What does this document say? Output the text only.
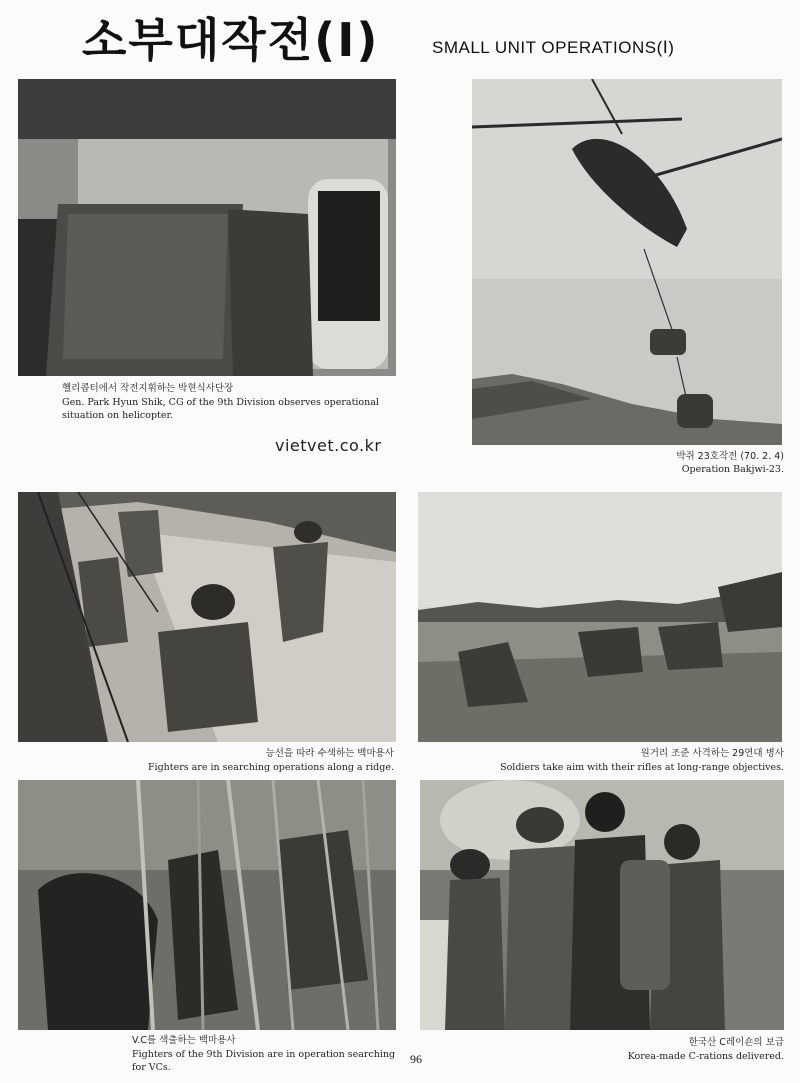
소부대작전(Ⅰ)	SMALL UNIT OPERATIONS(Ⅰ)
헬리콥터에서 작전지휘하는 박현식사단장
Gen. Park Hyun Shik, CG of the 9th Division observes operational
situation on helicopter.
vietvet.co.kr
박쥐 23호작전 (70. 2. 4)
Operation Bakjwi-23.
능선을 따라 수색하는 백마용사
Fighters are in searching operations along a ridge.
원거리 조준 사격하는 29연대 병사
Soldiers take aim with their rifles at long-range objectives.
V.C를 색출하는 백마용사
Fighters of the 9th Division are in operation searching
for VCs.
한국산 C레이숀의 보급
Korea-made C-rations delivered.
96
